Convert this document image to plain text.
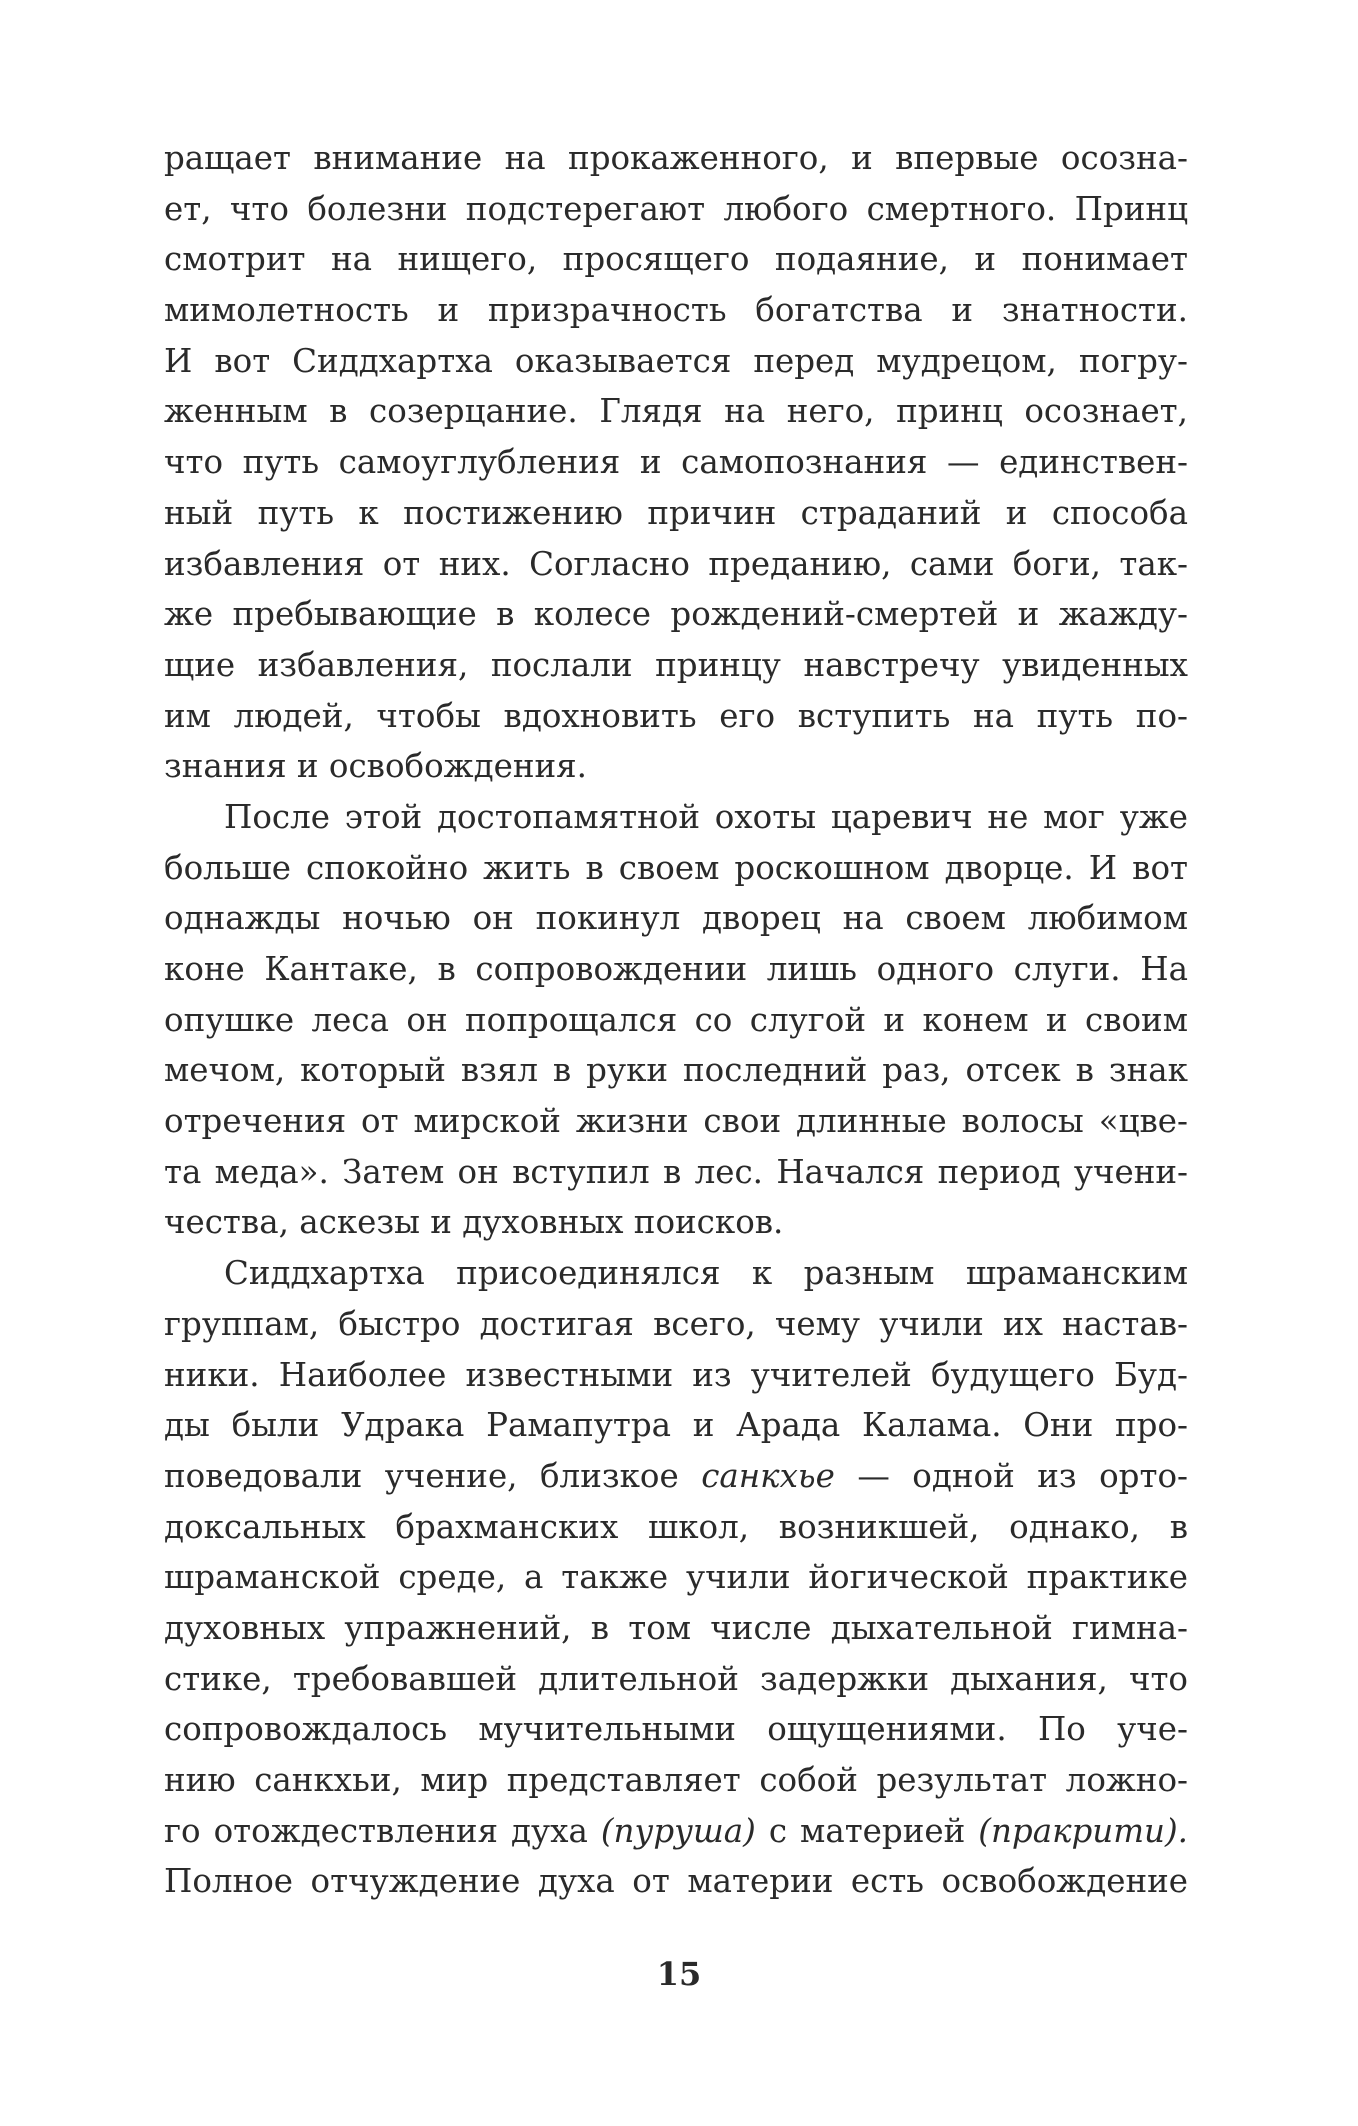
ращает внимание на прокаженного, и впервые осозна-
ет, что болезни подстерегают любого смертного. Принц
смотрит на нищего, просящего подаяние, и понимает
мимолетность и призрачность богатства и знатности.
И вот Сиддхартха оказывается перед мудрецом, погру-
женным в созерцание. Глядя на него, принц осознает,
что путь самоуглубления и самопознания — единствен-
ный путь к постижению причин страданий и способа
избавления от них. Согласно преданию, сами боги, так-
же пребывающие в колесе рождений-смертей и жажду-
щие избавления, послали принцу навстречу увиденных
им людей, чтобы вдохновить его вступить на путь по-
знания и освобождения.
После этой достопамятной охоты царевич не мог уже
больше спокойно жить в своем роскошном дворце. И вот
однажды ночью он покинул дворец на своем любимом
коне Кантаке, в сопровождении лишь одного слуги. На
опушке леса он попрощался со слугой и конем и своим
мечом, который взял в руки последний раз, отсек в знак
отречения от мирской жизни свои длинные волосы «цве-
та меда». Затем он вступил в лес. Начался период учени-
чества, аскезы и духовных поисков.
Сиддхартха присоединялся к разным шраманским
группам, быстро достигая всего, чему учили их настав-
ники. Наиболее известными из учителей будущего Буд-
ды были Удрака Рамапутра и Арада Калама. Они про-
поведовали учение, близкое санкхье — одной из орто-
доксальных брахманских школ, возникшей, однако, в
шраманской среде, а также учили йогической практике
духовных упражнений, в том числе дыхательной гимна-
стике, требовавшей длительной задержки дыхания, что
сопровождалось мучительными ощущениями. По уче-
нию санкхьи, мир представляет собой результат ложно-
го отождествления духа (пуруша) с материей (пракрити).
Полное отчуждение духа от материи есть освобождение
15
